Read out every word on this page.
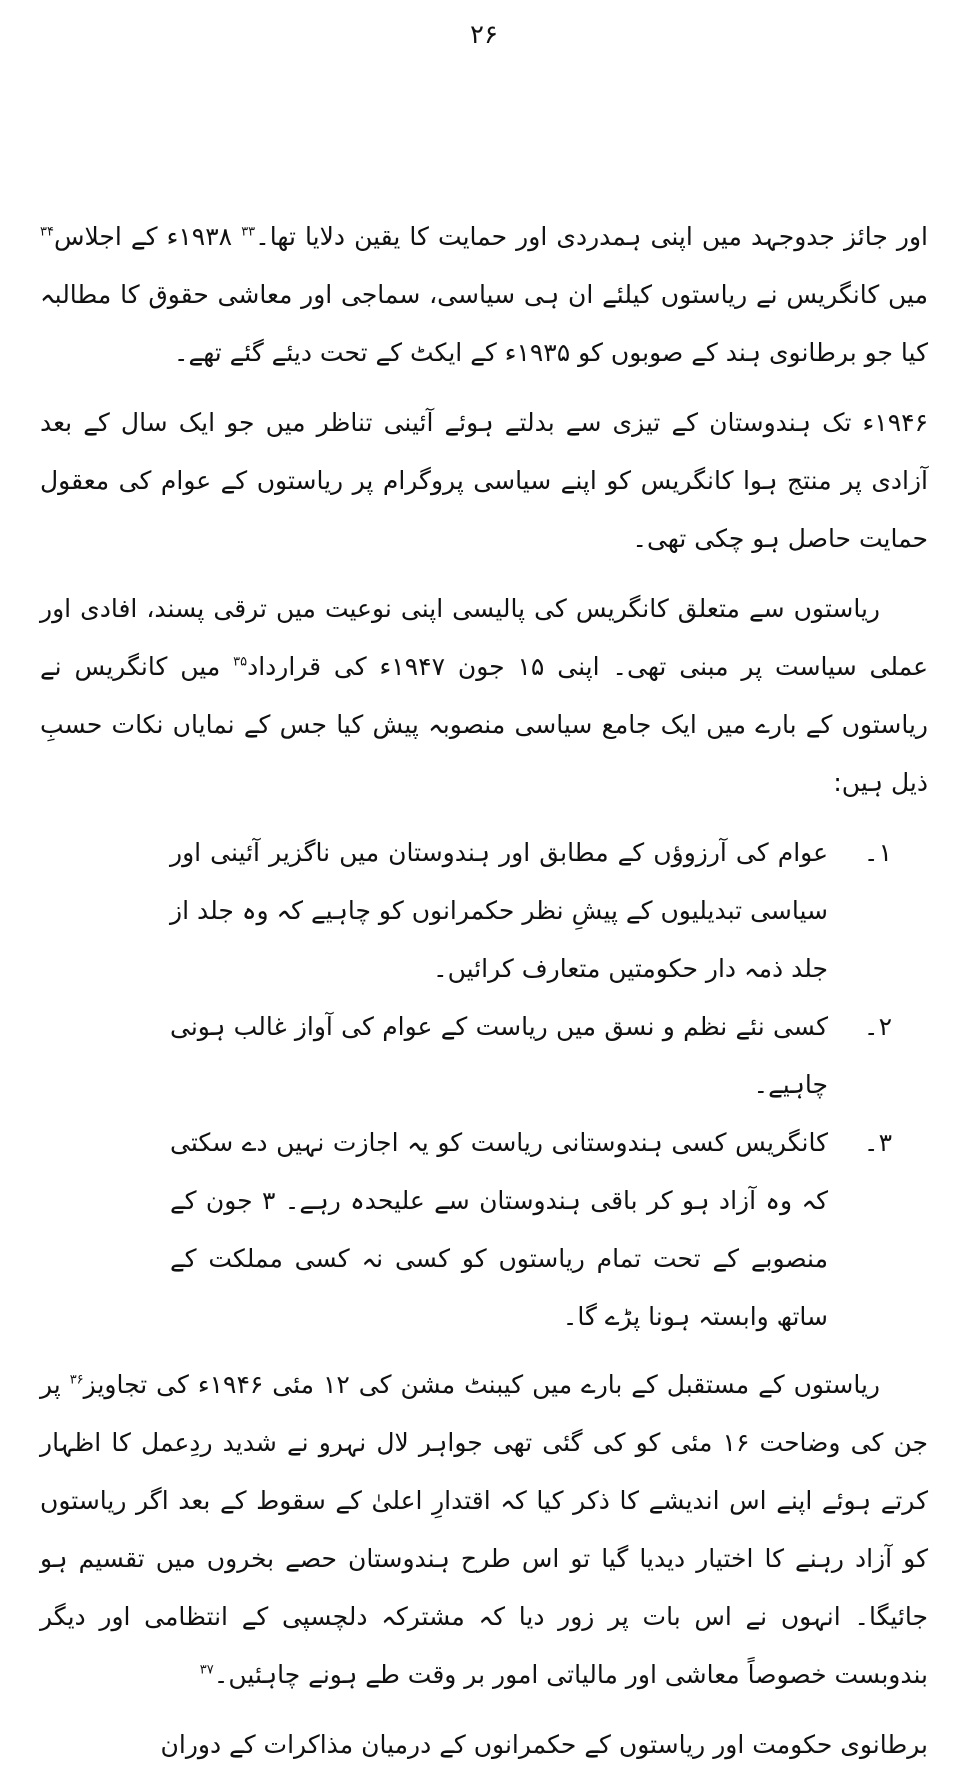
۲۶

اور جائز جدوجہد میں اپنی ہمدردی اور حمایت کا یقین دلایا تھا۔$^{۳۳}$ ۱۹۳۸ء کے اجلاس$^{۳۴}$ میں کانگریس نے ریاستوں کیلئے ان ہی سیاسی، سماجی اور معاشی حقوق کا مطالبہ کیا جو برطانوی ہند کے صوبوں کو ۱۹۳۵ء کے ایکٹ کے تحت دیئے گئے تھے۔

۱۹۴۶ء تک ہندوستان کے تیزی سے بدلتے ہوئے آئینی تناظر میں جو ایک سال کے بعد آزادی پر منتج ہوا کانگریس کو اپنے سیاسی پروگرام پر ریاستوں کے عوام کی معقول حمایت حاصل ہو چکی تھی۔

ریاستوں سے متعلق کانگریس کی پالیسی اپنی نوعیت میں ترقی پسند، افادی اور عملی سیاست پر مبنی تھی۔ اپنی ۱۵ جون ۱۹۴۷ء کی قرارداد$^{۳۵}$ میں کانگریس نے ریاستوں کے بارے میں ایک جامع سیاسی منصوبہ پیش کیا جس کے نمایاں نکات حسبِ ذیل ہیں:

۱۔
عوام کی آرزوؤں کے مطابق اور ہندوستان میں ناگزیر آئینی اور سیاسی تبدیلیوں کے پیشِ نظر حکمرانوں کو چاہیے کہ وہ جلد از جلد ذمہ دار حکومتیں متعارف کرائیں۔
۲۔
کسی نئے نظم و نسق میں ریاست کے عوام کی آواز غالب ہونی چاہیے۔
۳۔
کانگریس کسی ہندوستانی ریاست کو یہ اجازت نہیں دے سکتی کہ وہ آزاد ہو کر باقی ہندوستان سے علیحدہ رہے۔ ۳ جون کے منصوبے کے تحت تمام ریاستوں کو کسی نہ کسی مملکت کے ساتھ وابستہ ہونا پڑے گا۔

ریاستوں کے مستقبل کے بارے میں کیبنٹ مشن کی ۱۲ مئی ۱۹۴۶ء کی تجاویز$^{۳۶}$ پر جن کی وضاحت ۱۶ مئی کو کی گئی تھی جواہر لال نہرو نے شدید ردِعمل کا اظہار کرتے ہوئے اپنے اس اندیشے کا ذکر کیا کہ اقتدارِ اعلیٰ کے سقوط کے بعد اگر ریاستوں کو آزاد رہنے کا اختیار دیدیا گیا تو اس طرح ہندوستان حصے بخروں میں تقسیم ہو جائیگا۔ انہوں نے اس بات پر زور دیا کہ مشترکہ دلچسپی کے انتظامی اور دیگر بندوبست خصوصاً معاشی اور مالیاتی امور بر وقت طے ہونے چاہئیں۔$^{۳۷}$

برطانوی حکومت اور ریاستوں کے حکمرانوں کے درمیان مذاکرات کے دوران
